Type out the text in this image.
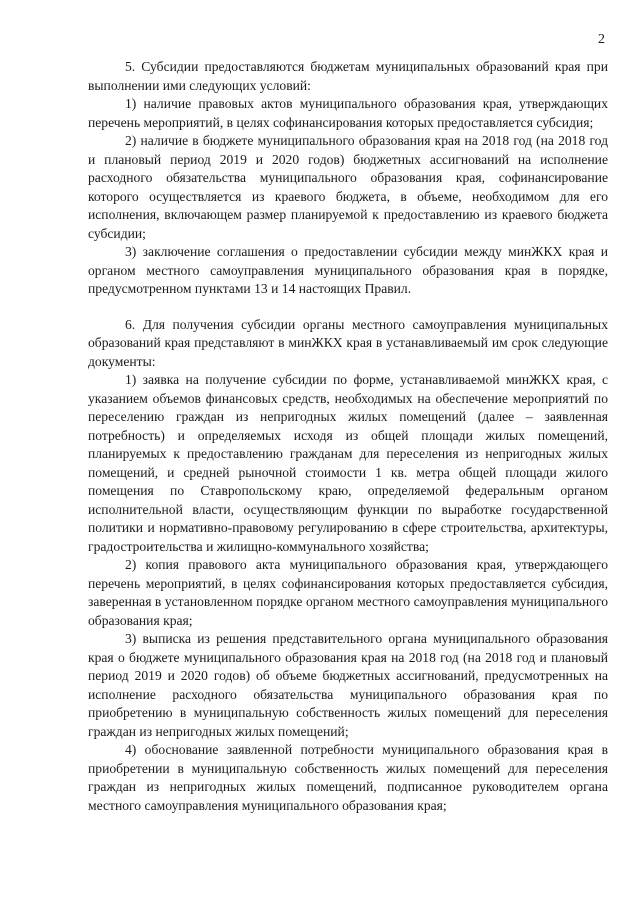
2

5. Субсидии предоставляются бюджетам муниципальных образований края при выполнении ими следующих условий:

1) наличие правовых актов муниципального образования края, утверждающих перечень мероприятий, в целях софинансирования которых предоставляется субсидия;

2) наличие в бюджете муниципального образования края на 2018 год (на 2018 год и плановый период 2019 и 2020 годов) бюджетных ассигнований на исполнение расходного обязательства муниципального образования края, софинансирование которого осуществляется из краевого бюджета, в объеме, необходимом для его исполнения, включающем размер планируемой к предоставлению из краевого бюджета субсидии;

3) заключение соглашения о предоставлении субсидии между минЖКХ края и органом местного самоуправления муниципального образования края в порядке, предусмотренном пунктами 13 и 14 настоящих Правил.

6. Для получения субсидии органы местного самоуправления муниципальных образований края представляют в минЖКХ края в устанавливаемый им срок следующие документы:

1) заявка на получение субсидии по форме, устанавливаемой минЖКХ края, с указанием объемов финансовых средств, необходимых на обеспечение мероприятий по переселению граждан из непригодных жилых помещений (далее – заявленная потребность) и определяемых исходя из общей площади жилых помещений, планируемых к предоставлению гражданам для переселения из непригодных жилых помещений, и средней рыночной стоимости 1 кв. метра общей площади жилого помещения по Ставропольскому краю, определяемой федеральным органом исполнительной власти, осуществляющим функции по выработке государственной политики и нормативно-правовому регулированию в сфере строительства, архитектуры, градостроительства и жилищно-коммунального хозяйства;

2) копия правового акта муниципального образования края, утверждающего перечень мероприятий, в целях софинансирования которых предоставляется субсидия, заверенная в установленном порядке органом местного самоуправления муниципального образования края;

3) выписка из решения представительного органа муниципального образования края о бюджете муниципального образования края на 2018 год (на 2018 год и плановый период 2019 и 2020 годов) об объеме бюджетных ассигнований, предусмотренных на исполнение расходного обязательства муниципального образования края по приобретению в муниципальную собственность жилых помещений для переселения граждан из непригодных жилых помещений;

4) обоснование заявленной потребности муниципального образования края в приобретении в муниципальную собственность жилых помещений для переселения граждан из непригодных жилых помещений, подписанное руководителем органа местного самоуправления муниципального образования края;
